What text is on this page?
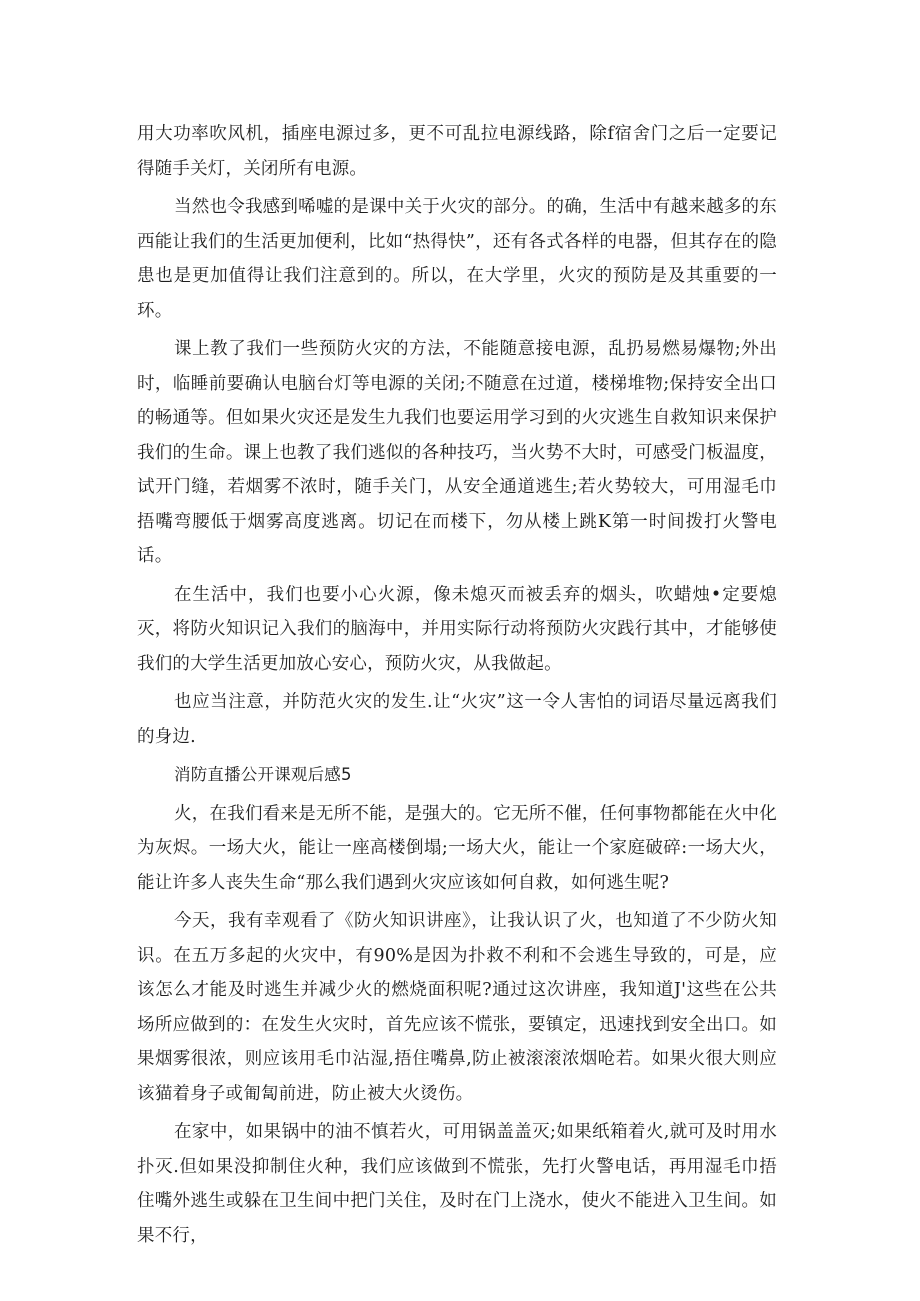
用大功率吹风机，插座电源过多，更不可乱拉电源线路，除f宿舍门之后一定要记得随手关灯，关闭所有电源。

当然也令我感到唏嘘的是课中关于火灾的部分。的确，生活中有越来越多的东西能让我们的生活更加便利，比如“热得快”，还有各式各样的电器，但其存在的隐患也是更加值得让我们注意到的。所以，在大学里，火灾的预防是及其重要的一环。

课上教了我们一些预防火灾的方法，不能随意接电源，乱扔易燃易爆物;外出时，临睡前要确认电脑台灯等电源的关闭;不随意在过道，楼梯堆物;保持安全出口的畅通等。但如果火灾还是发生九我们也要运用学习到的火灾逃生自救知识来保护我们的生命。课上也教了我们逃似的各种技巧，当火势不大时，可感受门板温度，试开门缝，若烟雾不浓时，随手关门，从安全通道逃生;若火势较大，可用湿毛巾捂嘴弯腰低于烟雾高度逃离。切记在而楼下，勿从楼上跳K第一时间拨打火警电话。

在生活中，我们也要小心火源，像未熄灭而被丢弃的烟头，吹蜡烛•定要熄灭，将防火知识记入我们的脑海中，并用实际行动将预防火灾践行其中，才能够使我们的大学生活更加放心安心，预防火灾，从我做起。

也应当注意，并防范火灾的发生.让“火灾”这一令人害怕的词语尽量远离我们的身边.

消防直播公开课观后感5

火，在我们看来是无所不能，是强大的。它无所不催，任何事物都能在火中化为灰烬。一场大火，能让一座高楼倒塌;一场大火，能让一个家庭破碎:一场大火，能让许多人丧失生命“那么我们遇到火灾应该如何自救，如何逃生呢?

今天，我有幸观看了《防火知识讲座》，让我认识了火，也知道了不少防火知识。在五万多起的火灾中，有90%是因为扑救不利和不会逃生导致的，可是，应该怎么才能及时逃生并减少火的燃烧面积呢?通过这次讲座，我知道J'这些在公共场所应做到的：在发生火灾时，首先应该不慌张，要镇定，迅速找到安全出口。如果烟雾很浓，则应该用毛巾沾湿,捂住嘴鼻,防止被滚滚浓烟呛若。如果火很大则应该猫着身子或匍匐前进，防止被大火烫伤。

在家中，如果锅中的油不慎若火，可用锅盖盖灭;如果纸箱着火,就可及时用水扑灭.但如果没抑制住火种，我们应该做到不慌张，先打火警电话，再用湿毛巾捂住嘴外逃生或躲在卫生间中把门关住，及时在门上浇水，使火不能进入卫生间。如果不行，
